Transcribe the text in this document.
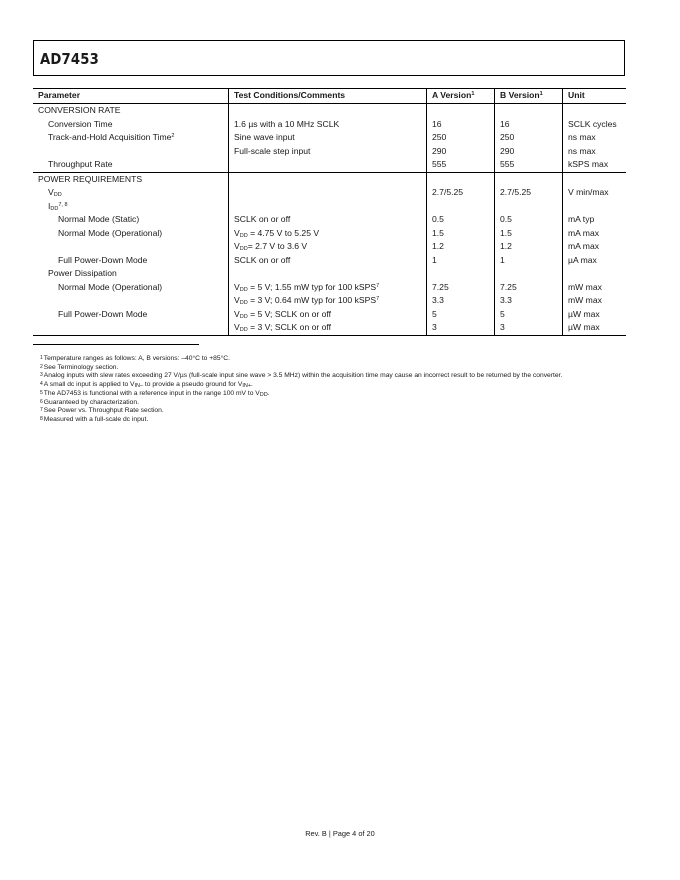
AD7453
Parameter	Test Conditions/Comments	A Version$^1$	B Version$^1$	Unit
CONVERSION RATE				
Conversion Time	1.6 µs with a 10 MHz SCLK	16	16	SCLK cycles
Track-and-Hold Acquisition Time$^2$	Sine wave input	250	250	ns max
	Full-scale step input	290	290	ns max
Throughput Rate		555	555	kSPS max
POWER REQUIREMENTS				
$V_{DD}$		2.7/5.25	2.7/5.25	V min/max
$I_{DD}^{7, 8}$				
Normal Mode (Static)	SCLK on or off	0.5	0.5	mA typ
Normal Mode (Operational)	$V_{DD} = 4.75$ V to 5.25 V	1.5	1.5	mA max
	$V_{DD}= 2.7$ V to 3.6 V	1.2	1.2	mA max
Full Power-Down Mode	SCLK on or off	1	1	µA max
Power Dissipation				
Normal Mode (Operational)	$V_{DD} = 5$ V; 1.55 mW typ for 100 kSPS$^7$	7.25	7.25	mW max
	$V_{DD} = 3$ V; 0.64 mW typ for 100 kSPS$^7$	3.3	3.3	mW max
Full Power-Down Mode	$V_{DD} = 5$ V; SCLK on or off	5	5	µW max
	$V_{DD} = 3$ V; SCLK on or off	3	3	µW max
1 Temperature ranges as follows: A, B versions: –40°C to +85°C.
2 See Terminology section.
3 Analog inputs with slew rates exceeding 27 V/µs (full-scale input sine wave > 3.5 MHz) within the acquisition time may cause an incorrect result to be returned by the converter.
4 A small dc input is applied to $V_{IN-}$ to provide a pseudo ground for $V_{IN+}$.
5 The AD7453 is functional with a reference input in the range 100 mV to $V_{DD}$.
6 Guaranteed by characterization.
7 See Power vs. Throughput Rate section.
8 Measured with a full-scale dc input.
Rev. B | Page 4 of 20
